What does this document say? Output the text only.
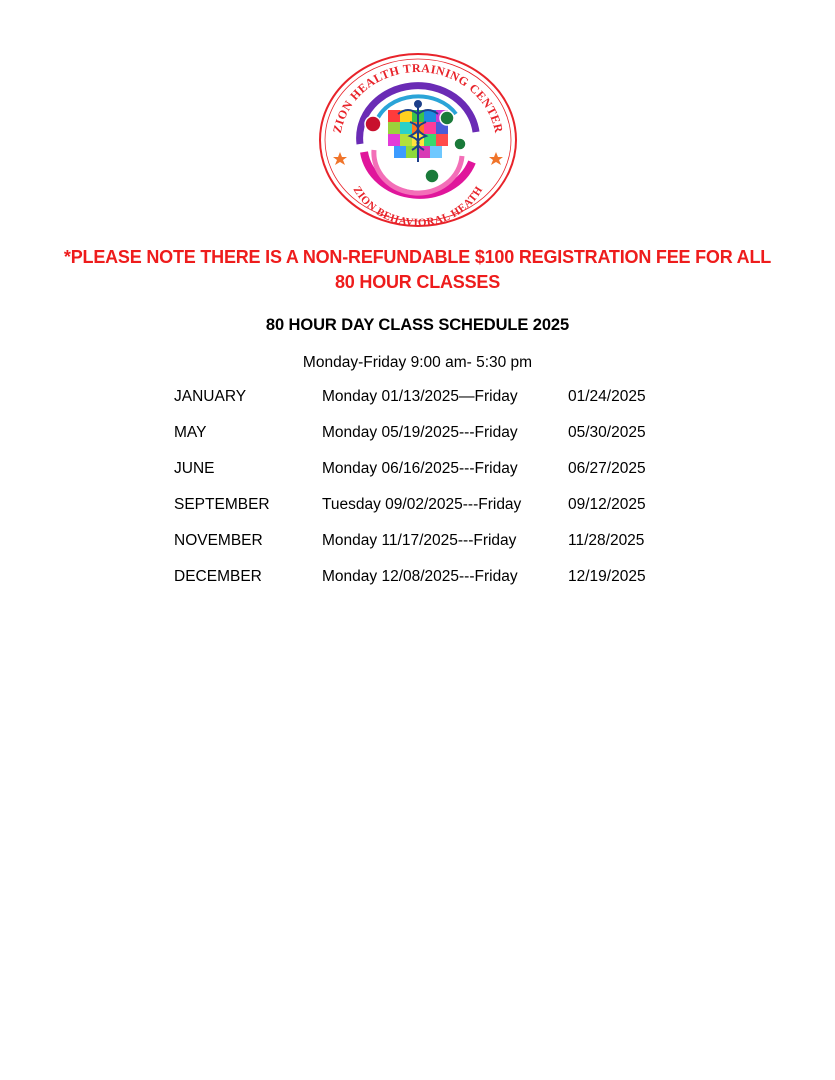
ZION HEALTH TRAINING CENTER
ZION BEHAVIORAL HEATH
*PLEASE NOTE THERE IS A NON-REFUNDABLE $100 REGISTRATION FEE FOR ALL
80 HOUR CLASSES
80 HOUR DAY CLASS SCHEDULE 2025
Monday-Friday 9:00 am- 5:30 pm
JANUARY	Monday 01/13/2025—Friday	01/24/2025
MAY	Monday 05/19/2025---Friday	05/30/2025
JUNE	Monday 06/16/2025---Friday	06/27/2025
SEPTEMBER	Tuesday 09/02/2025---Friday	09/12/2025
NOVEMBER	Monday 11/17/2025---Friday	11/28/2025
DECEMBER	Monday 12/08/2025---Friday	12/19/2025
